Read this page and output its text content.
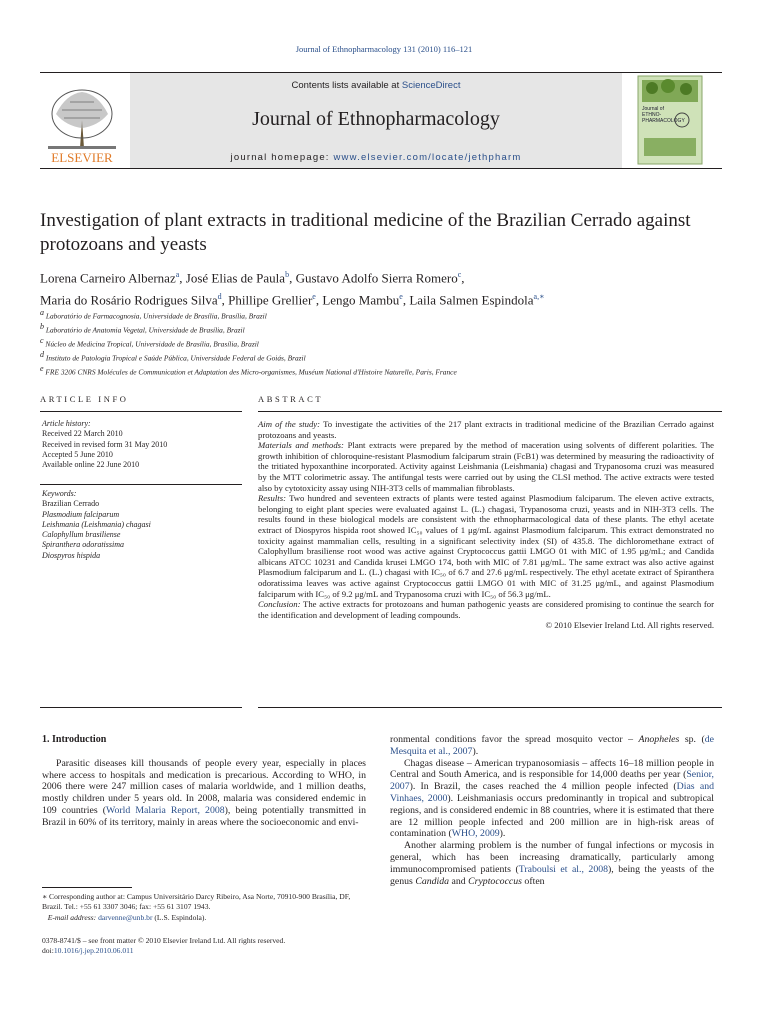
Journal of Ethnopharmacology 131 (2010) 116–121
ELSEVIER
Contents lists available at ScienceDirect
Journal of Ethnopharmacology
journal homepage: www.elsevier.com/locate/jethpharm
Journal of ETHNO-PHARMACOLOGY
Investigation of plant extracts in traditional medicine of the Brazilian Cerrado against protozoans and yeasts
Lorena Carneiro Albernaz$^a$, José Elias de Paula$^b$, Gustavo Adolfo Sierra Romero$^c$,
Maria do Rosário Rodrigues Silva$^d$, Phillipe Grellier$^e$, Lengo Mambu$^e$, Laila Salmen Espindola$^{a,∗}$
$^a$ Laboratório de Farmacognosia, Universidade de Brasília, Brasília, Brazil
$^b$ Laboratório de Anatomia Vegetal, Universidade de Brasília, Brazil
$^c$ Núcleo de Medicina Tropical, Universidade de Brasília, Brasília, Brazil
$^d$ Instituto de Patologia Tropical e Saúde Pública, Universidade Federal de Goiás, Brazil
$^e$ FRE 3206 CNRS Molécules de Communication et Adaptation des Micro-organismes, Muséum National d'Histoire Naturelle, Paris, France
ARTICLE INFO
Article history:
Received 22 March 2010
Received in revised form 31 May 2010
Accepted 5 June 2010
Available online 22 June 2010
Keywords:
Brazilian Cerrado
Plasmodium falciparum
Leishmania (Leishmania) chagasi
Calophyllum brasiliense
Spiranthera odoratissima
Diospyros hispida
ABSTRACT

Aim of the study: To investigate the activities of the 217 plant extracts in traditional medicine of the Brazilian Cerrado against protozoans and yeasts.

Materials and methods: Plant extracts were prepared by the method of maceration using solvents of different polarities. The growth inhibition of chloroquine-resistant Plasmodium falciparum strain (FcB1) was determined by measuring the radioactivity of the tritiated hypoxanthine incorporated. Activity against Leishmania (Leishmania) chagasi and Trypanosoma cruzi was measured by the MTT colorimetric assay. The antifungal tests were carried out by using the CLSI method. The active extracts were tested also by cytotoxicity assay using NIH-3T3 cells of mammalian fibroblasts.

Results: Two hundred and seventeen extracts of plants were tested against Plasmodium falciparum. The eleven active extracts, belonging to eight plant species were evaluated against L. (L.) chagasi, Trypanosoma cruzi, yeasts and in NIH-3T3 cells. The results found in these biological models are consistent with the ethnopharmacological data of these plants. The ethyl acetate extract of Diospyros hispida root showed IC₅₀ values of 1 μg/mL against Plasmodium falciparum. This extract demonstrated no toxicity against mammalian cells, resulting in a significant selectivity index (SI) of 435.8. The dichloromethane extract of Calophyllum brasiliense root wood was active against Cryptococcus gattii LMGO 01 with MIC of 1.95 μg/mL; and Candida albicans ATCC 10231 and Candida krusei LMGO 174, both with MIC of 7.81 μg/mL. The same extract was also active against Plasmodium falciparum and L. (L.) chagasi with IC₅₀ of 6.7 and 27.6 μg/mL respectively. The ethyl acetate extract of Spiranthera odoratissima leaves was active against Cryptococcus gattii LMGO 01 with MIC of 31.25 μg/mL, and against Plasmodium falciparum with IC₅₀ of 9.2 μg/mL and Trypanosoma cruzi with IC₅₀ of 56.3 μg/mL.

Conclusion: The active extracts for protozoans and human pathogenic yeasts are considered promising to continue the search for the identification and development of leading compounds.

© 2010 Elsevier Ireland Ltd. All rights reserved.

1. Introduction

Parasitic diseases kill thousands of people every year, especially in places where access to hospitals and medication is precarious. According to WHO, in 2006 there were 247 million cases of malaria worldwide, and 1 million deaths, mostly children under 5 years old. In 2008, malaria was considered endemic in 109 countries (World Malaria Report, 2008), being potentially transmitted in Brazil in 60% of its territory, mainly in areas where the socioeconomic and envi-

ronmental conditions favor the spread mosquito vector – Anopheles sp. (de Mesquita et al., 2007).

Chagas disease – American trypanosomiasis – affects 16–18 million people in Central and South America, and is responsible for 14,000 deaths per year (Senior, 2007). In Brazil, the cases reached the 4 million people infected (Dias and Vinhaes, 2000). Leishmaniasis occurs predominantly in tropical and subtropical regions, and is considered endemic in 88 countries, where it is estimated that there are 12 million people infected and 200 million are in high-risk areas of contamination (WHO, 2009).

Another alarming problem is the number of fungal infections or mycosis in general, which has been increasing dramatically, particularly among immunocompromised patients (Traboulsi et al., 2008), being the yeasts of the genus Candida and Cryptococcus often

∗ Corresponding author at: Campus Universitário Darcy Ribeiro, Asa Norte, 70910-900 Brasília, DF, Brazil. Tel.: +55 61 3307 3046; fax: +55 61 3107 1943.
E-mail address: darvenne@unb.br (L.S. Espindola).
0378-8741/$ – see front matter © 2010 Elsevier Ireland Ltd. All rights reserved.
doi:10.1016/j.jep.2010.06.011
